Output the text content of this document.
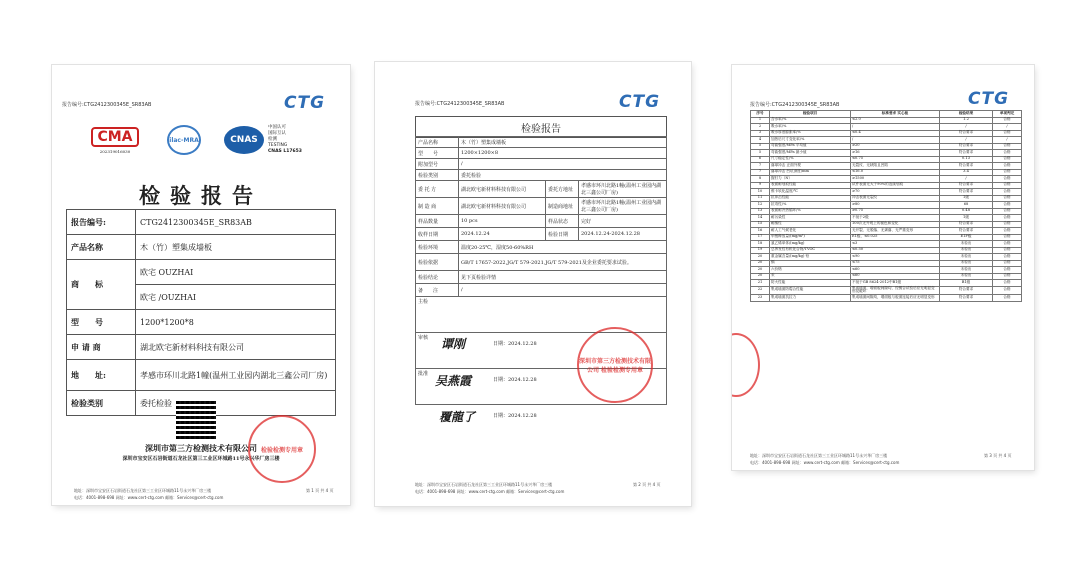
报告编号:CTG2412300345E_SR83AB	CTG
CMA
202319016030
ilac-MRA	CNAS
中国认可
国际互认
检测
TESTING
CNAS L17653
检验报告
报告编号:	CTG2412300345E_SR83AB
产品名称	木（竹）塑集成墙板
商　　标	欧宅 OUZHAI
	欧宅 /OUZHAI
型　　号	1200*1200*8
申 请 商	湖北欧宅新材料科技有限公司
地　　址:	孝感市环川北路1幢(温州工业园内湖北三鑫公司厂房)
检验类别	委托检验
深圳市第三方检测技术有限公司
深圳市宝安区石岩街道石龙社区第三工业区环城路11号永兴华厂房三楼
检验检测专用章
地址：深圳市宝安区石岩街道石龙社区第三工业区环城路11号永兴华厂房三楼
电话：4001-898-698 网址：www.cert-ctg.com 邮箱：Services@cert-ctg.com
第 1 页 共 4 页
报告编号:CTG2412300345E_SR83AB	CTG
检验报告
产品名称	木（竹）塑集成墙板		
型　　号	1200×1200×8		
附加型号	/		
检验类别	委托检验		
委 托 方	湖北欧宅新材料科技有限公司	委托方地址	孝感市环川北路1幢(温州工业园内湖北三鑫公司厂房)
制 造 商	湖北欧宅新材料科技有限公司	制造商地址	孝感市环川北路1幢(温州工业园内湖北三鑫公司厂房)
样品数量	10 pcs	样品状态	完好
收样日期	2024.12.24	检验日期	2024.12.24-2024.12.28
检验环境	温度20-25℃，湿度50-60%RH		
检验依据	GB/T 17657-2022,JG/T 579-2021,JG/T 579-2021及企业委托要求试验。		
检验结论	见下页检验详情		
备　　注	/		
主检			
审核			
批准			
谭刚	日期：2024.12.28
吴燕霞	日期：2024.12.28
覆龍了	日期：2024.12.28
深圳市第三方检测技术有限公司 检验检测专用章
地址：深圳市宝安区石岩街道石龙社区第三工业区环城路11号永兴华厂房三楼
电话：4001-898-698 网址：www.cert-ctg.com 邮箱：Services@cert-ctg.com
第 2 页 共 4 页
报告编号:CTG2412300345E_SR83AB	CTG
序号	检验项目	标准要求 实心板	检验结果	单项判定
1	含水率/%	≤2.0	1.2	合格
2	吸水率/%	/	/	/
3	吸水厚度膨胀率/%	≤0.4	符合要求	合格
4	加热后尺寸变化率/%	/	/	/
5	弯曲强度/MPa 平均值	≥20	符合要求	合格
5	弯曲强度/MPa 最小值	≥16	符合要求	合格
6	尺寸稳定性/%	≤0.75	0.13	合格
7	落球冲击 正面外观	无裂纹、无缺陷且凹陷	符合要求	合格
7	落球冲击 凹坑深度/mm	≤16.0	3.4	合格
8	握钉力（N）	≥1500	/	合格
9	表面耐划痕性能	试件表面无大于90%的连续划痕	符合要求	合格
10	维卡软化温度/℃	≥70	符合要求	合格
11	抗冲击性能	冲击表面无裂纹	1级	合格
12	抗弯性/%	≥80	68	合格
13	表面耐冷热循环/%	≥0.75	0.48	合格
14	耐污染性	不低于2级	1级	合格
15	耐酸性	100次无外观上的褪色和变化	符合要求	合格
16	耐人工气候老化	无开裂、无脱落、无剥落、无严重变形	符合要求	合格
17	甲醛释放量/(mg/m³)	E1级、≤0.025	E1F级	合格
18	氯乙烯单体/(mg/kg)	≤3	未检出	合格
19	总挥发性有机化合物/TVOC	≤0.50	未检出	合格
20	重金属含量/(mg/kg) 铅	≤90	未检出	合格
20	镉	≤75	未检出	合格
20	六价铬	≤60	未检出	合格
20	汞	≤60	未检出	合格
21	防火性能	不低于GB 8624-2012中B1级	B1级	合格
22	集成墙面防霉合性能	集成墙面，增面板间隙均，经镀合试验后应无明显变形及破坏	符合要求	合格
23	集成墙面抗拉力	集成墙面间隙均，增面板与板面连接后应无明显变形	符合要求	合格
地址：深圳市宝安区石岩街道石龙社区第三工业区环城路11号永兴华厂房三楼
电话：4001-898-698 网址：www.cert-ctg.com 邮箱：Services@cert-ctg.com
第 3 页 共 4 页
